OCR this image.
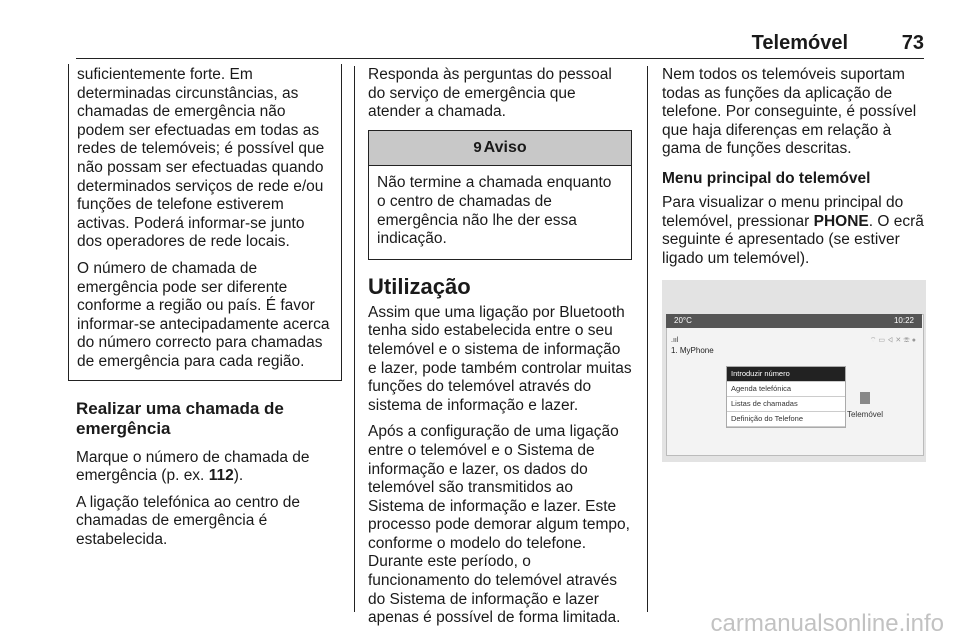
Telemóvel	73

suficientemente forte. Em determinadas circunstâncias, as chamadas de emergência não podem ser efectuadas em todas as redes de telemóveis; é possível que não possam ser efectuadas quando determinados serviços de rede e/ou funções de telefone estiverem activas. Poderá informar-se junto dos operadores de rede locais.

O número de chamada de emergência pode ser diferente conforme a região ou país. É favor informar-se antecipadamente acerca do número correcto para chamadas de emergência para cada região.

Realizar uma chamada de emergência

Marque o número de chamada de emergência (p. ex. 112).

A ligação telefónica ao centro de chamadas de emergência é estabelecida.

Responda às perguntas do pessoal do serviço de emergência que atender a chamada.

9 Aviso
Não termine a chamada enquanto o centro de chamadas de emergência não lhe der essa indicação.
Utilização

Assim que uma ligação por Bluetooth tenha sido estabelecida entre o seu telemóvel e o sistema de informação e lazer, pode também controlar muitas funções do telemóvel através do sistema de informação e lazer.

Após a configuração de uma ligação entre o telemóvel e o Sistema de informação e lazer, os dados do telemóvel são transmitidos ao Sistema de informação e lazer. Este processo pode demorar algum tempo, conforme o modelo do telefone. Durante este período, o funcionamento do telemóvel através do Sistema de informação e lazer apenas é possível de forma limitada.

Nem todos os telemóveis suportam todas as funções da aplicação de telefone. Por conseguinte, é possível que haja diferenças em relação à gama de funções descritas.

Menu principal do telemóvel

Para visualizar o menu principal do telemóvel, pressionar PHONE. O ecrã seguinte é apresentado (se estiver ligado um telemóvel).

20°C	10:22
.ııl	⌔ ▭ ◃ ✕ ☏ ●
1. MyPhone
Introduzir número
Agenda telefónica
Listas de chamadas
Definição do Telefone	Telemóvel
carmanualsonline.info
